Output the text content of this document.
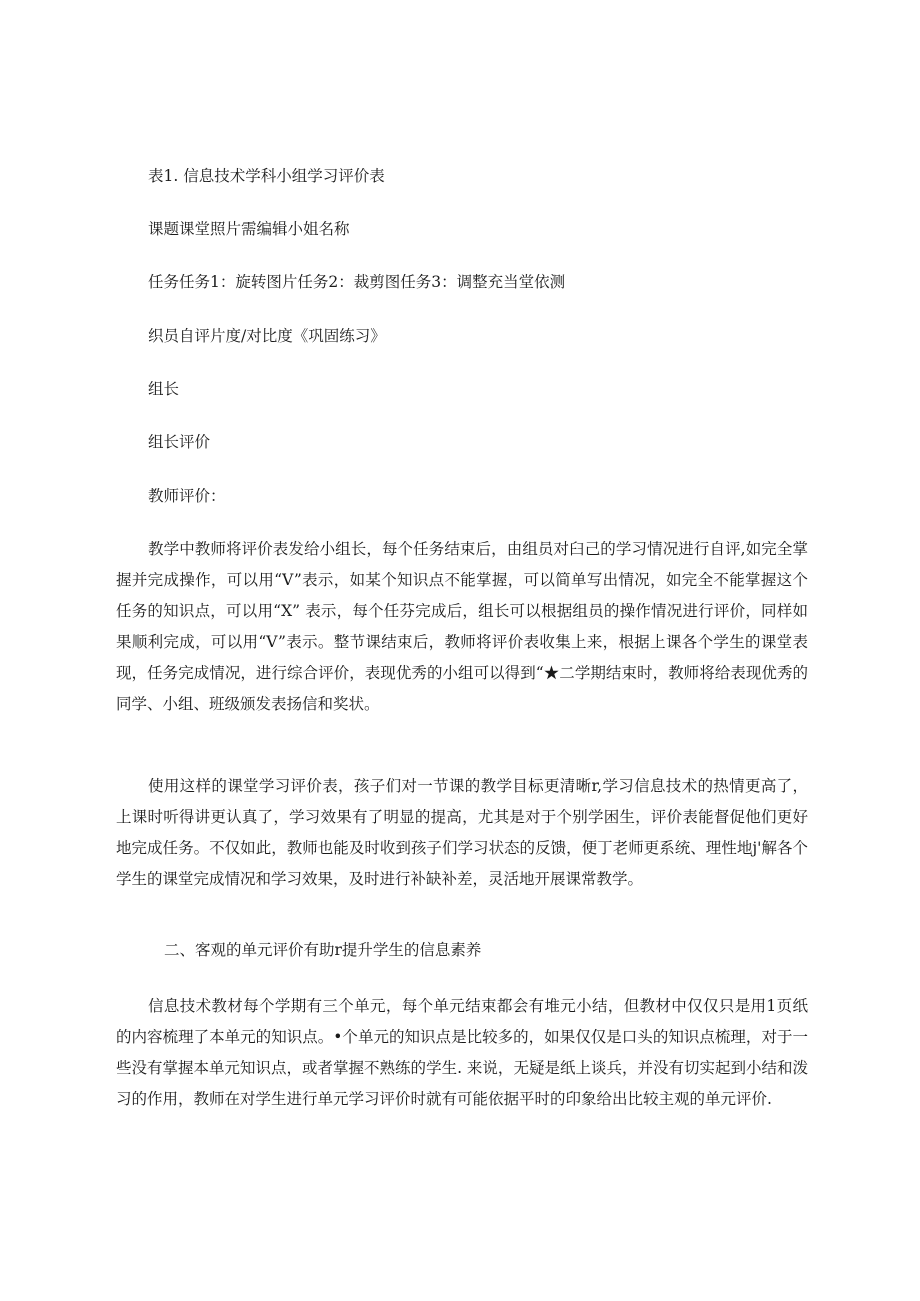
表1. 信息技术学科小组学习评价表
课题课堂照片需编辑小姐名称
任务任务1：旋转图片任务2：裁剪图任务3：调整充当堂依测
织员自评片度/对比度《巩固练习》
组长
组长评价
教师评价：
教学中教师将评价表发给小组长，每个任务结束后，由组员对臼己的学习情况进行自评,如完全掌握并完成操作，可以用“V”表示，如某个知识点不能掌握，可以简单写出情况，如完全不能掌握这个任务的知识点，可以用“X” 表示，每个任芬完成后，组长可以根据组员的操作情况进行评价，同样如果顺利完成，可以用“V”表示。整节课结束后，教师将评价表收集上来，根据上课各个学生的课堂表现，任务完成情况，进行综合评价，表现优秀的小组可以得到“★二学期结束时，教师将给表现优秀的同学、小组、班级颁发表扬信和奖状。
使用这样的课堂学习评价表，孩子们对一节课的教学目标更清晰r,学习信息技术的热情更高了，上课时听得讲更认真了，学习效果有了明显的提高，尤其是对于个别学困生，评价表能督促他们更好地完成任务。不仅如此，教师也能及时收到孩子们学习状态的反馈，便丁老师更系统、理性地j'解各个学生的课堂完成情况和学习效果，及时进行补缺补差，灵活地开展课常教学。
二、客观的单元评价有助r提升学生的信息素养
信息技术教材每个学期有三个单元，每个单元结束都会有堆元小结，但教材中仅仅只是用1页纸的内容梳理了本单元的知识点。•个单元的知识点是比较多的，如果仅仅是口头的知识点梳理，对于一些没有掌握本单元知识点，或者掌握不熟练的学生. 来说，无疑是纸上谈兵，并没有切实起到小结和泼习的作用，教师在对学生进行单元学习评价时就有可能依据平时的印象给出比较主观的单元评价.
